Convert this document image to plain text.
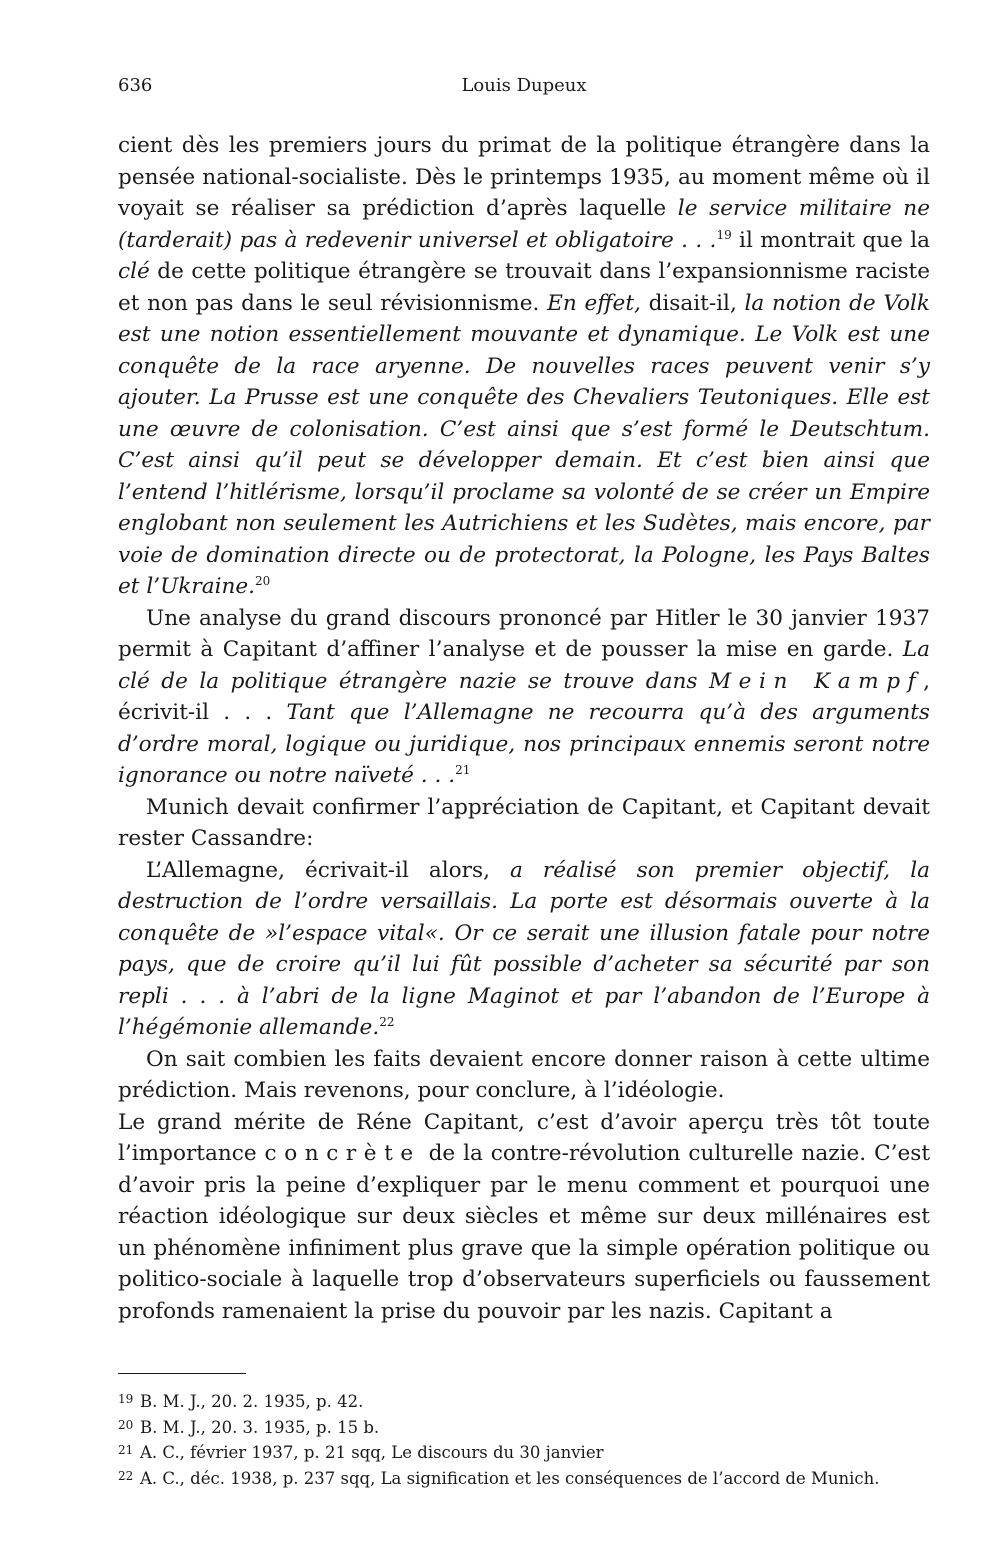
636	Louis Dupeux

cient dès les premiers jours du primat de la politique étrangère dans la pensée national-socialiste. Dès le printemps 1935, au moment même où il voyait se réaliser sa prédiction d’après laquelle le service militaire ne (tarderait) pas à redevenir universel et obligatoire . . .$^{19}$ il montrait que la clé de cette politique étrangère se trouvait dans l’expansionnisme raciste et non pas dans le seul révisionnisme. En effet, disait-il, la notion de Volk est une notion essentiellement mouvante et dynamique. Le Volk est une conquête de la race aryenne. De nouvelles races peuvent venir s’y ajouter. La Prusse est une conquête des Chevaliers Teutoniques. Elle est une œuvre de colonisation. C’est ainsi que s’est formé le Deutschtum. C’est ainsi qu’il peut se développer demain. Et c’est bien ainsi que l’entend l’hitlérisme, lorsqu’il proclame sa volonté de se créer un Empire englobant non seulement les Autrichiens et les Sudètes, mais encore, par voie de domination directe ou de protectorat, la Pologne, les Pays Baltes et l’Ukraine.$^{20}$

Une analyse du grand discours prononcé par Hitler le 30 janvier 1937 permit à Capitant d’affiner l’analyse et de pousser la mise en garde. La clé de la politique étrangère nazie se trouve dans Mein Kampf, écrivit-il . . . Tant que l’Allemagne ne recourra qu’à des arguments d’ordre moral, logique ou juridique, nos principaux ennemis seront notre ignorance ou notre naïveté . . .$^{21}$

Munich devait confirmer l’appréciation de Capitant, et Capitant devait rester Cassandre:

L’Allemagne, écrivait-il alors, a réalisé son premier objectif, la destruction de l’ordre versaillais. La porte est désormais ouverte à la conquête de »l’espace vital«. Or ce serait une illusion fatale pour notre pays, que de croire qu’il lui fût possible d’acheter sa sécurité par son repli . . . à l’abri de la ligne Maginot et par l’abandon de l’Europe à l’hégémonie allemande.$^{22}$

On sait combien les faits devaient encore donner raison à cette ultime prédiction. Mais revenons, pour conclure, à l’idéologie.

Le grand mérite de Réne Capitant, c’est d’avoir aperçu très tôt toute l’importance concrète de la contre-révolution culturelle nazie. C’est d’avoir pris la peine d’expliquer par le menu comment et pourquoi une réaction idéologique sur deux siècles et même sur deux millénaires est un phénomène infiniment plus grave que la simple opération politique ou politico-sociale à laquelle trop d’observateurs superficiels ou faussement profonds ramenaient la prise du pouvoir par les nazis. Capitant a

19 B. M. J., 20. 2. 1935, p. 42.
20 B. M. J., 20. 3. 1935, p. 15 b.
21 A. C., février 1937, p. 21 sqq, Le discours du 30 janvier
22 A. C., déc. 1938, p. 237 sqq, La signification et les conséquences de l’accord de Munich.
